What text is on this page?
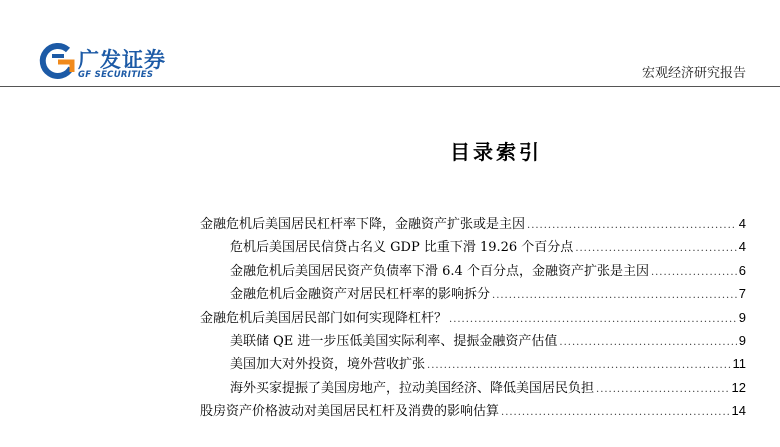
广发证券
GF SECURITIES	宏观经济研究报告
目录索引
金融危机后美国居民杠杆率下降，金融资产扩张或是主因 .....	4
危机后美国居民信贷占名义 GDP 比重下滑 19.26 个百分点 .....	4
金融危机后美国居民资产负债率下滑 6.4 个百分点，金融资产扩张是主因 .....	6
金融危机后金融资产对居民杠杆率的影响拆分 .....	7
金融危机后美国居民部门如何实现降杠杆？ .....	9
美联储 QE 进一步压低美国实际利率、提振金融资产估值 .....	9
美国加大对外投资，境外营收扩张 .....	11
海外买家提振了美国房地产，拉动美国经济、降低美国居民负担 .....	12
股房资产价格波动对美国居民杠杆及消费的影响估算 .....	14
